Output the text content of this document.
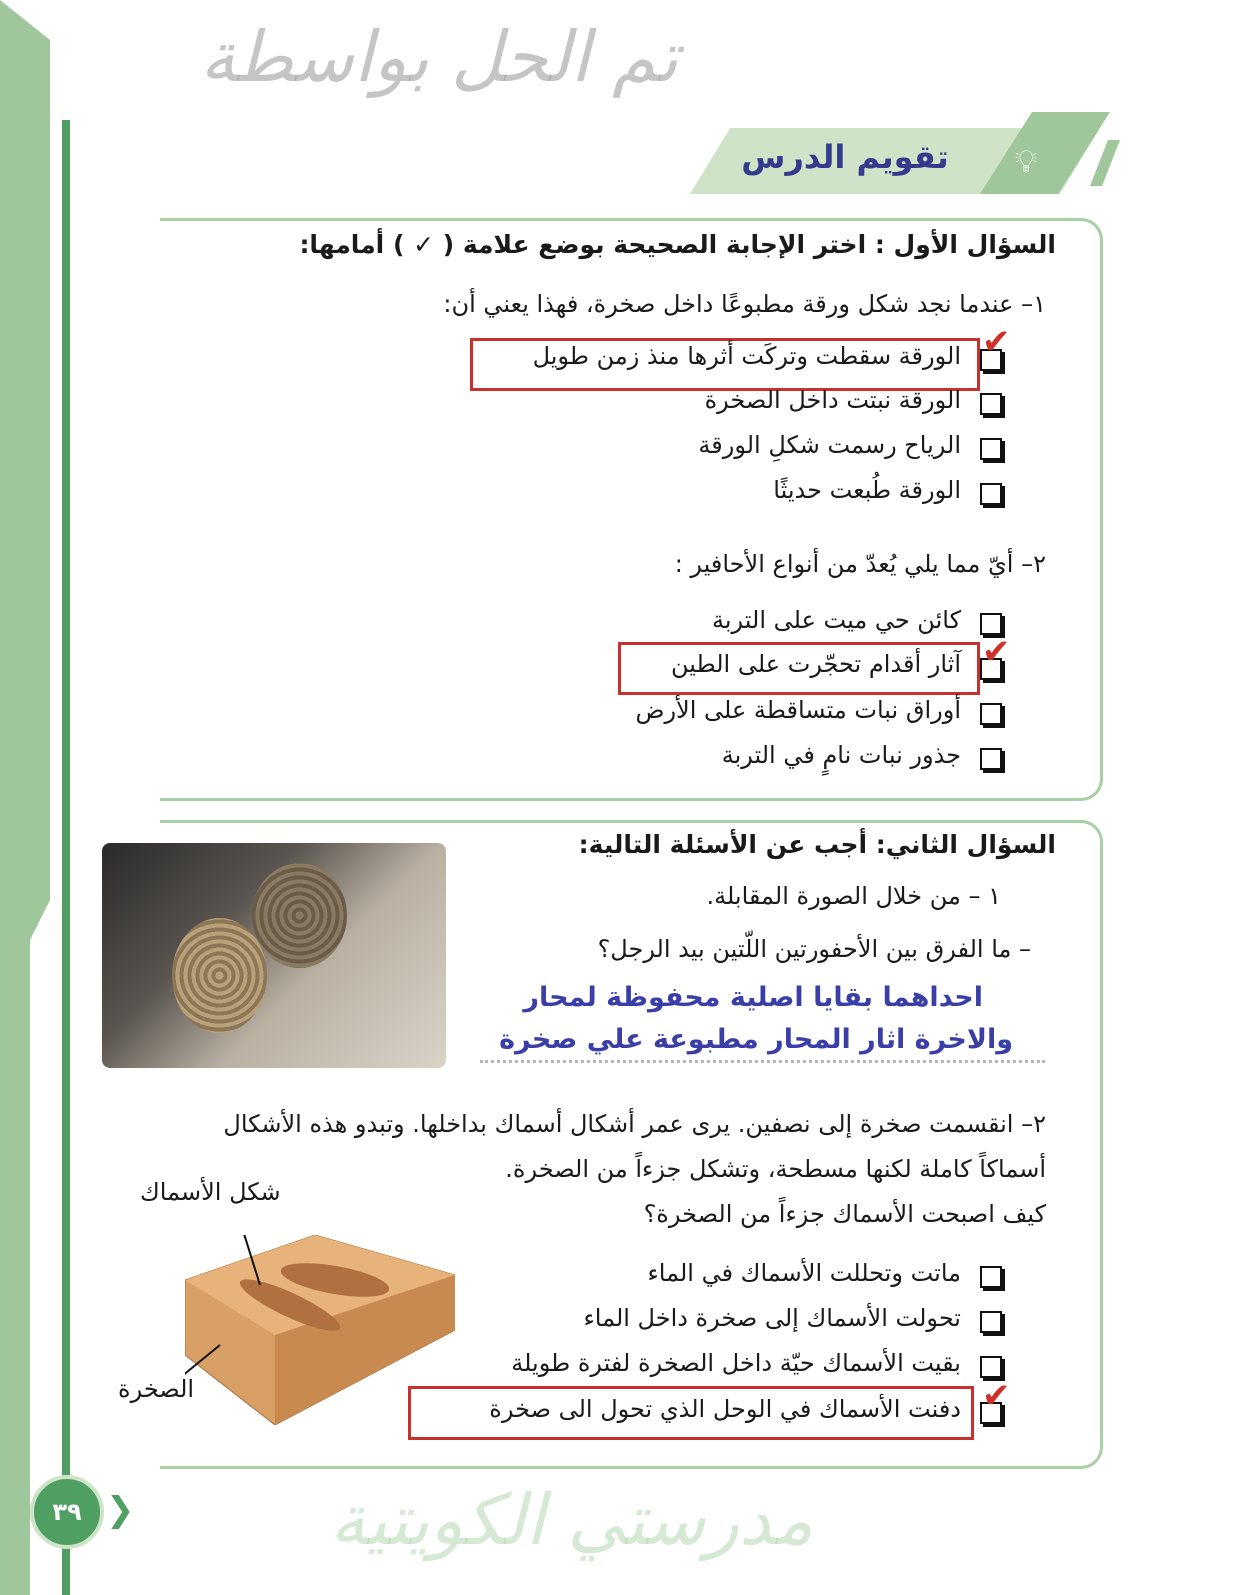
تقويم الدرس 💡︎
السؤال الأول : اختر الإجابة الصحيحة بوضع علامة ( ✓ ) أمامها:
١– عندما نجد شكل ورقة مطبوعًا داخل صخرة، فهذا يعني أن:
✔
الورقة سقطت وتركَت أثرها منذ زمن طويل
الورقة نبتت داخل الصخرة
الرياح رسمت شكلِ الورقة
الورقة طُبعت حديثًا
٢– أيّ مما يلي يُعدّ من أنواع الأحافير :
كائن حي ميت على التربة
✔
آثار أقدام تحجّرت على الطين
أوراق نبات متساقطة على الأرض
جذور نبات نامٍ في التربة
السؤال الثاني: أجب عن الأسئلة التالية:
١ – من خلال الصورة المقابلة.
– ما الفرق بين الأحفورتين اللّتين بيد الرجل؟
احداهما بقايا اصلية محفوظة لمحار
والاخرة اثار المحار مطبوعة علي صخرة
٢– انقسمت صخرة إلى نصفين. يرى عمر أشكال أسماك بداخلها. وتبدو هذه الأشكال
أسماكاً كاملة لكنها مسطحة، وتشكل جزءاً من الصخرة.
كيف اصبحت الأسماك جزءاً من الصخرة؟
شكل الأسماك
الصخرة
ماتت وتحللت الأسماك في الماء
تحولت الأسماك إلى صخرة داخل الماء
بقيت الأسماك حيّة داخل الصخرة لفترة طويلة
✔
دفنت الأسماك في الوحل الذي تحول الى صخرة
تم الحل بواسطة
مدرستي الكويتية
٣٩ ❯
